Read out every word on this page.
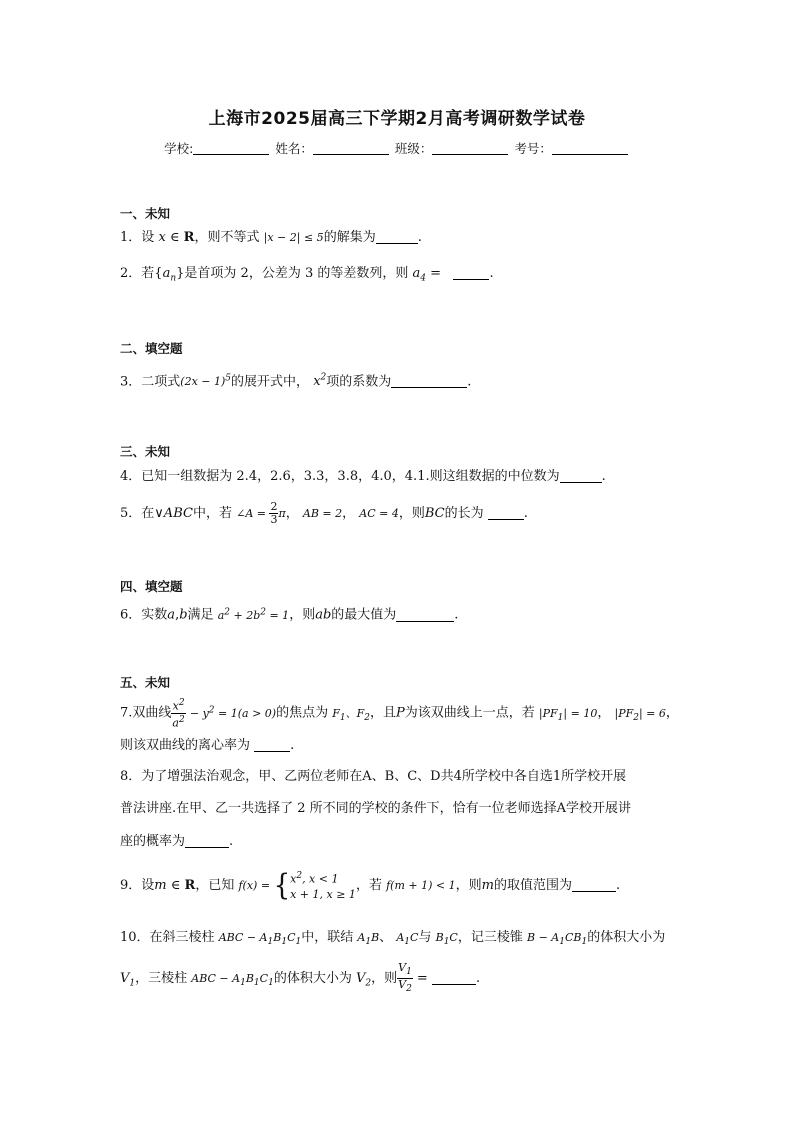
上海市2025届高三下学期2月高考调研数学试卷
学校:	姓名：	班级：	考号：
一、未知
1．设 x ∈ R，则不等式 |x − 2| ≤ 5的解集为	.
2．若$\{a_n\}$是首项为 2，公差为 3 的等差数列，则 $a_4$ =	.
二、填空题
3．二项式$(2x - 1)^5$的展开式中， $x^2$项的系数为	.
三、未知
4．已知一组数据为 2.4，2.6，3.3，3.8，4.0，4.1.则这组数据的中位数为	.
5．在∨ABC中，若 ∠A = $\frac{2}{3}$ π， AB = 2， AC = 4，则BC的长为	.
四、填空题
6．实数a,b满足 $a^2 + 2b^2 = 1$，则ab的最大值为	.
五、未知
7.双曲线 $\frac{x^2}{a^2} - y^2 = 1(a > 0)$的焦点为 $F_1$、$F_2$，且P为该双曲线上一点，若 $|PF_1| = 10$， $|PF_2| = 6$，
则该双曲线的离心率为	.
8．为了增强法治观念，甲、乙两位老师在A、B、C、D共4所学校中各自选1所学校开展
普法讲座.在甲、乙一共选择了 2 所不同的学校的条件下，恰有一位老师选择A学校开展讲
座的概率为	.
9．设m ∈ R，已知 f(x) = { $x^2$, x < 1
x + 1, x ≥ 1
，若 f(m + 1) < 1，则m的取值范围为	.
10．在斜三棱柱 ABC − $A_1B_1C_1$中，联结 $A_1B$、 $A_1C$与 $B_1C$，记三棱锥 $B - A_1CB_1$的体积大小为
$V_1$，三棱柱 ABC − $A_1B_1C_1$的体积大小为 $V_2$，则 $\frac{V_1}{V_2}$ =	.
